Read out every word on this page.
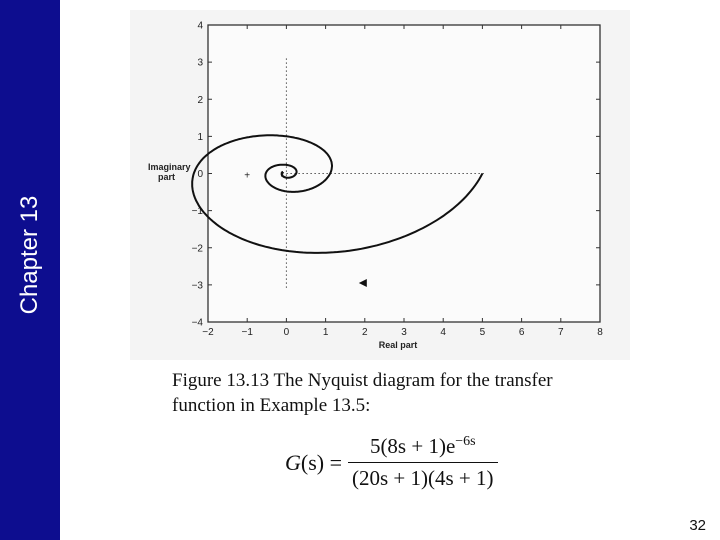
Chapter 13
−2	−1	0	1	2	3	4	5	6	7	8
4
3
2
1
0
−1
−2
−3
−4
+
Imaginary
part
Real part
Figure 13.13 The Nyquist diagram for the transfer
function in Example 13.5:
$G(s) = \frac{5(8s + 1)e^{-6s}}{(20s + 1)(4s + 1)}$
32
